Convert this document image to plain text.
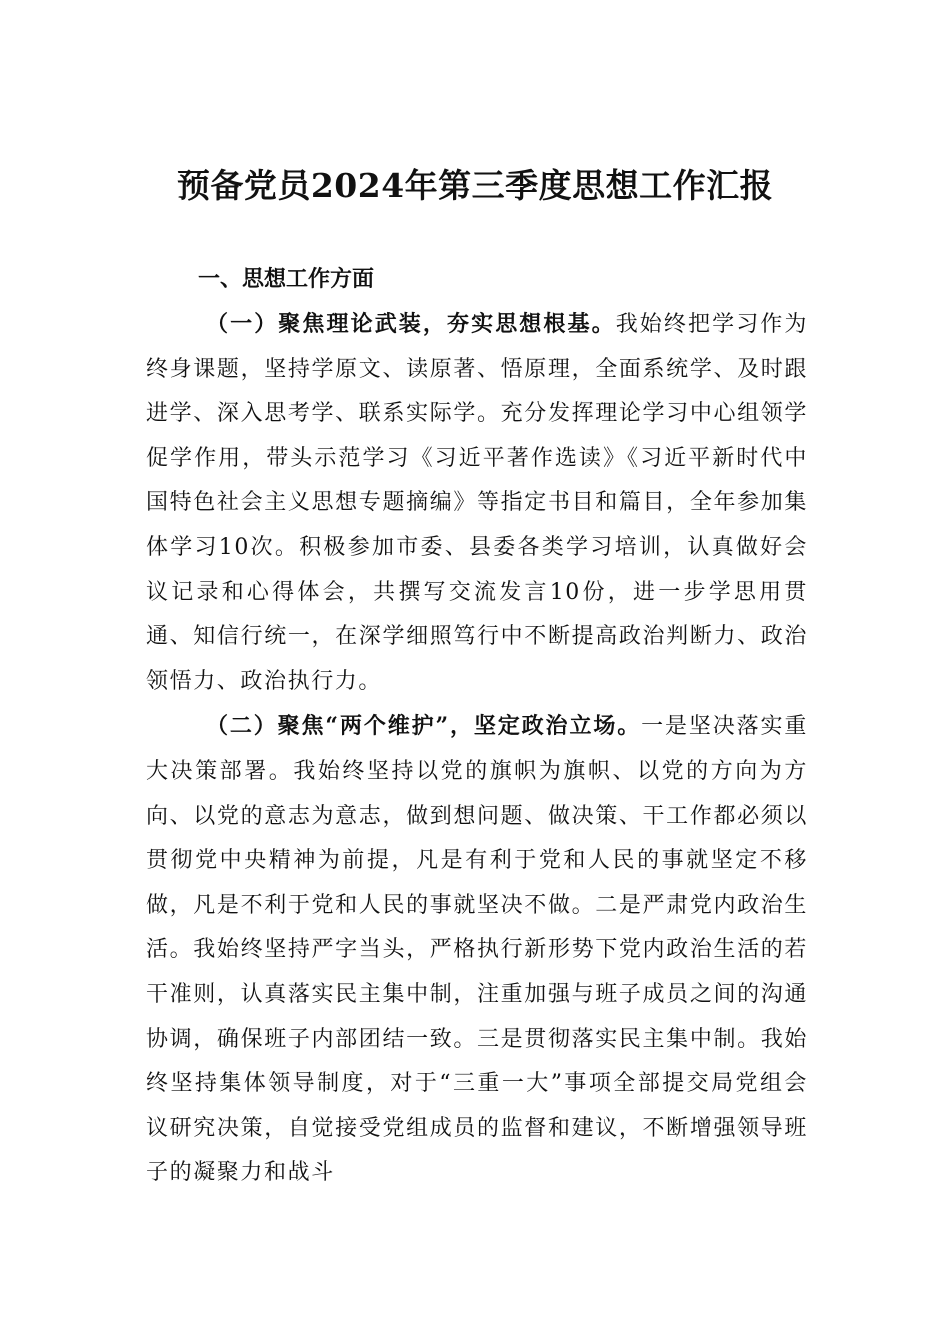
预备党员2024年第三季度思想工作汇报
一、思想工作方面

（一）聚焦理论武装，夯实思想根基。我始终把学习作为终身课题，坚持学原文、读原著、悟原理，全面系统学、及时跟进学、深入思考学、联系实际学。充分发挥理论学习中心组领学促学作用，带头示范学习《习近平著作选读》《习近平新时代中国特色社会主义思想专题摘编》等指定书目和篇目，全年参加集体学习10次。积极参加市委、县委各类学习培训，认真做好会议记录和心得体会，共撰写交流发言10份，进一步学思用贯通、知信行统一，在深学细照笃行中不断提高政治判断力、政治领悟力、政治执行力。

（二）聚焦“两个维护”，坚定政治立场。一是坚决落实重大决策部署。我始终坚持以党的旗帜为旗帜、以党的方向为方向、以党的意志为意志，做到想问题、做决策、干工作都必须以贯彻党中央精神为前提，凡是有利于党和人民的事就坚定不移做，凡是不利于党和人民的事就坚决不做。二是严肃党内政治生活。我始终坚持严字当头，严格执行新形势下党内政治生活的若干准则，认真落实民主集中制，注重加强与班子成员之间的沟通协调，确保班子内部团结一致。三是贯彻落实民主集中制。我始终坚持集体领导制度，对于“三重一大”事项全部提交局党组会议研究决策，自觉接受党组成员的监督和建议，不断增强领导班子的凝聚力和战斗
